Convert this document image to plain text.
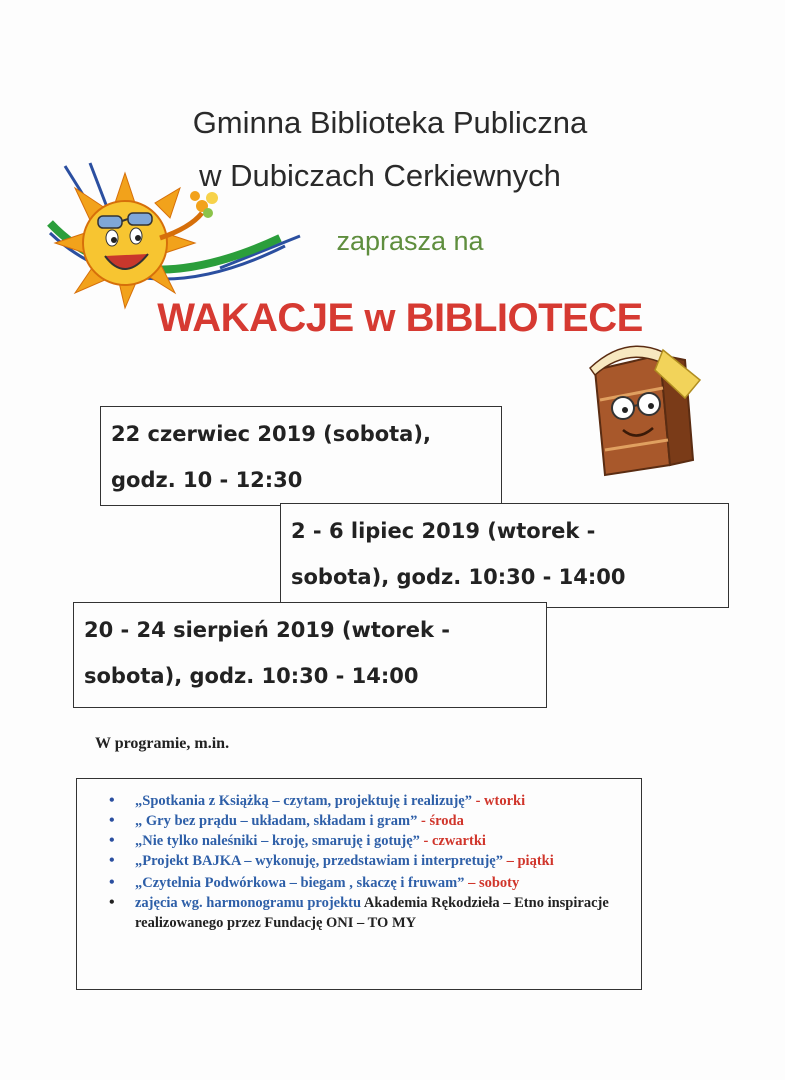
Gminna Biblioteka Publiczna
w Dubiczach Cerkiewnych
zaprasza na
WAKACJE w BIBLIOTECE
22 czerwiec 2019 (sobota),
godz. 10 - 12:30
2 - 6 lipiec 2019 (wtorek -
sobota), godz. 10:30 - 14:00
20 - 24 sierpień 2019 (wtorek -
sobota), godz. 10:30 - 14:00
W programie, m.in.
• „Spotkania z Książką – czytam, projektuję i realizuję” - wtorki
• „ Gry bez prądu – układam, składam i gram” - środa
• „Nie tylko naleśniki – kroję, smaruję i gotuję” - czwartki
• „Projekt BAJKA – wykonuję, przedstawiam i interpretuję” – piątki
• „Czytelnia Podwórkowa – biegam , skaczę i fruwam” – soboty
• zajęcia wg. harmonogramu projektu Akademia Rękodzieła – Etno inspiracje realizowanego przez Fundację ONI – TO MY
